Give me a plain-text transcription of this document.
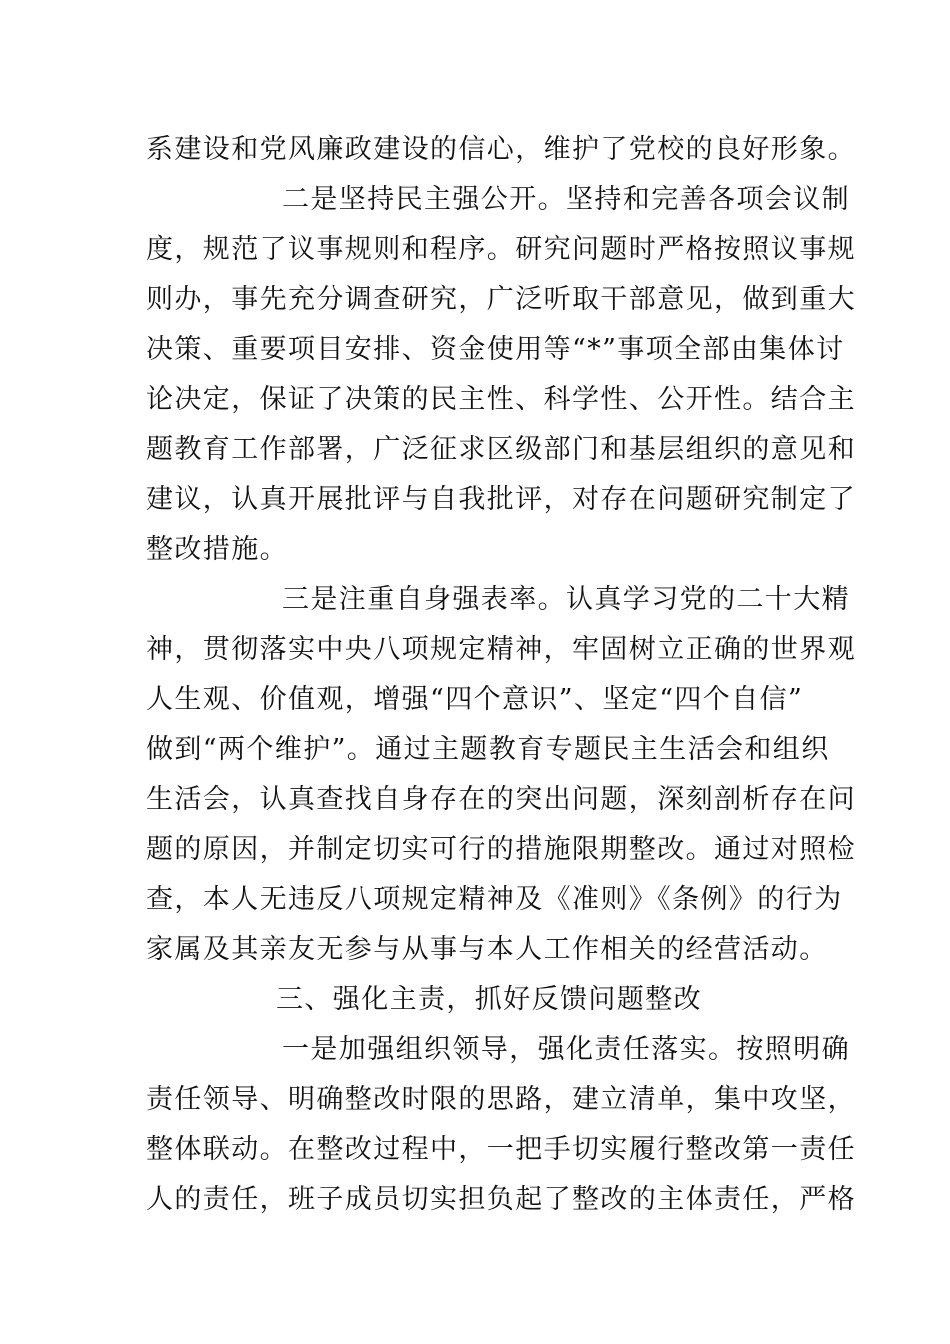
系建设和党风廉政建设的信心，维护了党校的良好形象。
二是坚持民主强公开。坚持和完善各项会议制
度，规范了议事规则和程序。研究问题时严格按照议事规
则办，事先充分调查研究，广泛听取干部意见，做到重大
决策、重要项目安排、资金使用等“*”事项全部由集体讨
论决定，保证了决策的民主性、科学性、公开性。结合主
题教育工作部署，广泛征求区级部门和基层组织的意见和
建议，认真开展批评与自我批评，对存在问题研究制定了
整改措施。
三是注重自身强表率。认真学习党的二十大精
神，贯彻落实中央八项规定精神，牢固树立正确的世界观
人生观、价值观，增强“四个意识”、坚定“四个自信”
做到“两个维护”。通过主题教育专题民主生活会和组织
生活会，认真查找自身存在的突出问题，深刻剖析存在问
题的原因，并制定切实可行的措施限期整改。通过对照检
查，本人无违反八项规定精神及《准则》《条例》的行为
家属及其亲友无参与从事与本人工作相关的经营活动。
三、强化主责，抓好反馈问题整改
一是加强组织领导，强化责任落实。按照明确
责任领导、明确整改时限的思路，建立清单，集中攻坚，
整体联动。在整改过程中，一把手切实履行整改第一责任
人的责任，班子成员切实担负起了整改的主体责任，严格
